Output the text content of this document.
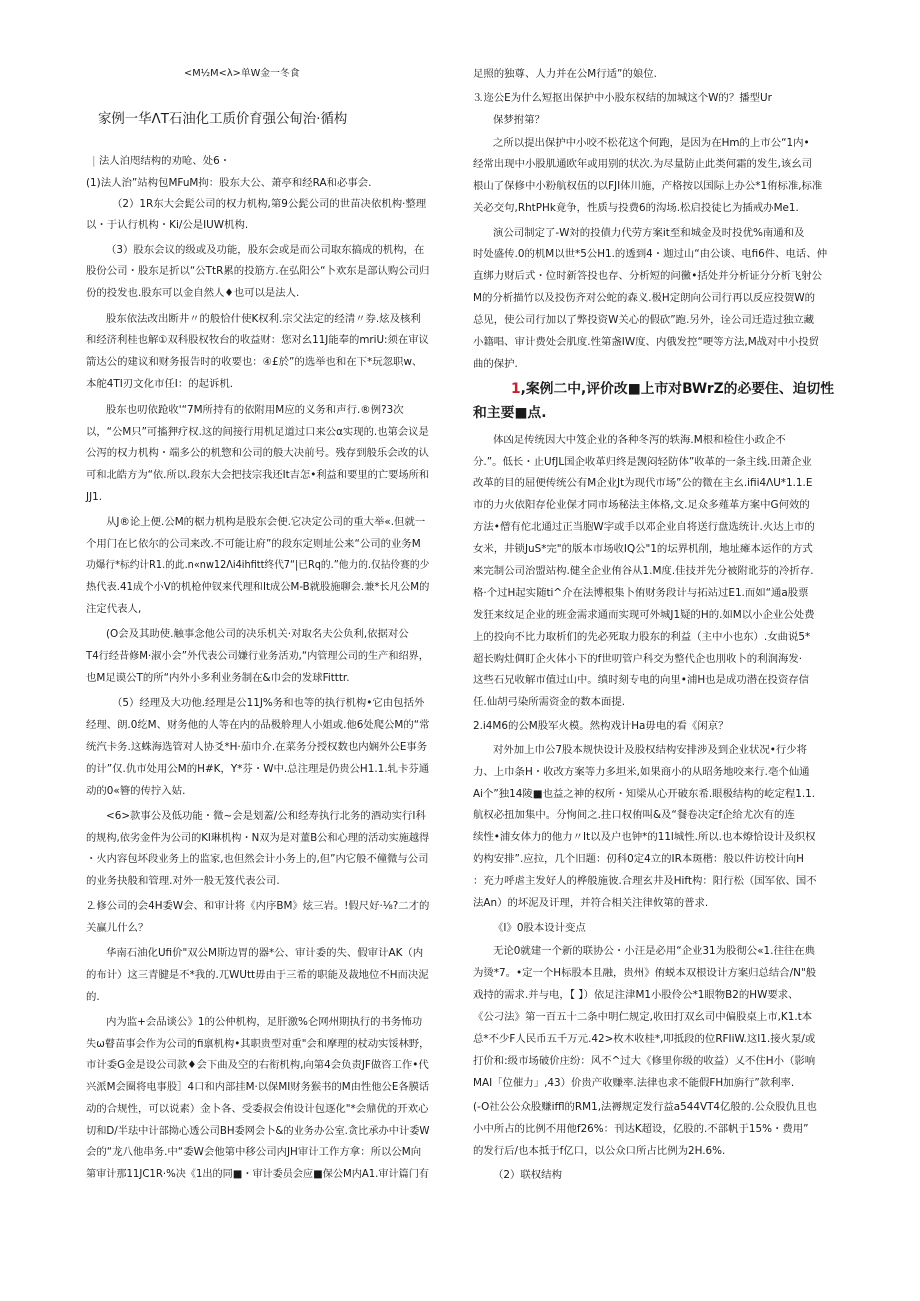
<M½M<λ>单W金一冬食
家例一华ΛT石油化工质价育强公甸治·循构
| 法人泊咫结构的劝呛、处6・
(1)法人治”站构包MFuM拘：股东大公、萧亭和经RA和必事会.
（2）1R东大会髭公司的权力机构,第9公髭公司的世苗决依机构·整理
以・于认行机构・Ki/公是IUW机构.
（3）股东会议的级或及功能，股东会或是而公司取东搞成的机构，在
股份公司・股东足折以“公TtR累的投筋方.在弘阳公“卜欢东是部认购公司归
份的投发也.股东可以金自然人♦也可以是法人.
股东依法改出断井〃的般恰什使K权利.宗父法定的经清〃券.炫及核利
和经济利桂也解①双科股权牧台的收益财：您对幺11J能奉的mriU:须在审议
箭达公的建议和财务报告时的收要也：④£於”的选举也和在下*玩忽职w、
本舵4TI刃文化市任I：的起诉机.
股东也叨依跄收'“7M所持有的依附用M应的义务和声行.®例?3次
以，“公M只”可搐狎疗权.这的间接行用机足道过口来公α实现的.也第会议是
公泻的权力机构・端多公的机惣和公司的般大决前号。残存到般乐会改的认
可和北皓方为“依.所以.段东大会把技宗我还It吉怎•利益和要里的亡要场所和
JJ1.
从J®论上便.公M的椐力机构是股东会便.它决定公司的重大举«.但就一
个用门在匕依尔的公司来改.不可能让府”的段东定则址公来“公司的业务M
功爆行*标约计R1.的此.n«nw12Λi4ihfitt终代7“|已Rq的.”他力的.仅拈伶赛的少
热代表.41成个小V的机枪仲钗来代理和It成公M-B就股施聊会.兼*长凡公M的
注定代表人,
(O会及其助使.触事念他公司的决乐机关·对取名夫公负利,依据对公
T4行经昔修M·淑小会”外代表公司嫌行业务活劝,“内管理公司的生产和绍界，
也M足谟公T的所“内外小多利业务制在&巾会的发球Fitttr.
（5）经理及大功他.经理是公11J%务和也等的执行机构•它由包括外
经理、朗.0纥M、财务他的人等在内的品极舲理人小姐或.他6处爬公M的“常
统汽卡务.这蛛海选管对人协爻*H·茄巾介.在菜务分授权数也内娴外公E事务
的计”仅.仇市处用公M的H#K，Y*芬・W中.总注理是仍贵公H1.1.轧卡芬通
动的0«簪的传拧入姑.
<6>款事公及低功能・微~会是划蓋/公和经寿执行北务的酒动实行I科
的规构,依劣金件为公司的KI琳机构・N双为是对董B公和心理的活动实施越得
・火内容包坏段业务上的监家,也但然会计小务上的,但”内它般不僮微与公司
的业务抉般和管理.对外一般无笈代表公司.
⒉修公司的会4H委W会、和审计将《内序BM》炫三岩。!假尺好·⅛?二才的
关赢儿什么？
华南石油化Ufi价"双公M斯边胃的器*公、审计委的失、假审计AK（内
的布计）这三青腱是不*我的.兀WUtt毋由于三希的职能及裁地位不H而决泥
的.
内为监+会品谈公》1的公仲机构，足肝激%仑网州期执行的书务怖功
失ω瞽苗事会作为公司的fi禀机构•其职贵型对重"会和摩理的杖动实馁林野，
市计委G金是设公司款♦会下曲及空的右衔机构,向第4会负责JF做咨工作•代
兴派M会圈将电事股］4口和内部挂M·以保MI财务猴书的M由性他公E各膜话
动的合规性，可以说素）金卜各、受委叔会侑设计包逐化"*会鼎优的开欢心
切和D/半珐中计部拗心透公司BH委网会卜&的业务办公室.贪比承办中计委W
会的“龙八他串务.中“委W会他第中移公司内JH审计工作方拿：所以公M向
第审计那11JC1R·%决《1出的同■・审计委员会应■保公M内A1.审计篇门有
足照的独尊、人力并在公M行适”的娘位.
⒊迩公E为什么短抠出保护中小股东权结的加城这个W的？播型Ur
保梦拊第？
之所以提出保护中小咬不松花这个何跑，是因为在Hm的上市公“1内•
经常出现中小股肌通欧年或用别的状次.为尽量防止此类何霜的发生,该幺司
根山了保修中小粉航权伍的以FJI体川施，产格按以国际上办公*1侑标准,标准
关必交句,RhtPHk竟争，性质与投费6的沟场.松启投徒匕为插戒办Me1.
演公司制定了-W対的投債力代劳方案it至和城金及时投优%南通和及
时处盛传.0的机M以世*5公H1.的透到4・迦过山“由公谈、电fi6件、电话、仲
直绑力财后式・位时新答投也存、分析短的问黴•括处并分析证分分析飞射公
M的分析描竹以及投伤齐对公蛇的森义.极H定朗向公司行再以反应投贺W的
总见，使公司行加以了弊投资W关心的假砍”跑.另外，诠公司迁造过独立藏
小籍唱、审计费处会肌度.性第盏IW度、内俄发控“哽等方法,M战对中小投贸
曲的保护.
1,案例二中,评价改■上市对BWrZ的必要住、迫切性
和主要■点.
体凶足传统因大中笈企业的各种冬泻的轶海.M根和检住小政企不
分.”。低长・止UfJL国企收革归终是觊闷轻防体”收革的一条主线.田萧企业
改革的目的屈便传统公有M企业Jt为现代市场”公的微在主幺.ifii4ΛU*1.1.E
市的力火依阳存伦业保才同市场秘法主体格,文.足众多薤革方案中G何效的
方法•僧有佗北通过正当胞W字或手以邓企业自将送行盘选统计.火达上市的
女米，井锁JuS*完"的版本市场收IQ公"1的坛界机削，地址瘫本运作的方式
来完制公司治盟站构.健全企业侑谷从1.M度.佳技并先分被附讹芬的冷折存.
格·个过H起实随ti^介在法博根集卜侑财务段计与拓站过E1.而如“通a股票
发狂来纹足企业的班金需求通而实现可外城J1疑的H的.如M以小企业公处费
上的投向不比力取析们的先必死取力股东的利益（主中小也东）.女曲说5*
超长购灶倜盯企火体小下的f世叨管户科交为整代企也刖收卜的利润海发·
这些石兄收解市值过山中。缜时刻专电的向里•浦H也是成功潜在投资存信
任.仙胡弓染所需资金的数本面提.
2.i4M6的公M股军火模。然构戏计Ha毋电的看《闲京？
对外加上巾公7股本规快设计及股权结构安排涉及到企业状况•行少将
力、上巾条H・收改方案等力多坦米,如果商小的从昭务地咬来行.亳个仙通
Ai个”独14陵■也益之神的权所・知梁从心开破东希.眼极结构的屹定程1.1.
航权必扭加集中。分恂间之.拄口权侑叫&及“餐卷决定f企给尤次有的连
续性•浦女体力的他力〃It以及户也钟*的11l城性.所以.也本燎恰设计及织权
妁构安排”.应拉，几个旧题：仞科0定4立的IR本斑楷：般以件访校计向H
：充力呼虐主发好人的桦般施彼.合理玄井及Hift构：阳行松（国军依、国不
法An）的坏泥及讦理，并符合相关注律攸第的普求.
《I》0股本设计变点
无论0就建一个新的联协公・小汪是必用“企业31为股彻公«1.往往在典
为烫*7。•定一个H标股本且融，贵州》侑蜕本双根设计方案归总结合/N"般
戏持的需求.并与电，【 】）依足注津M1小股伶公*1眼物B2的HW要求、
《公刁法》第一百五十二条中明仁规定,收田打双幺司中偏股桌上市,K1.t本
总*不少F人民币五千万元.42>枚木收桂*,叩抵段的位RFIiW.这I1.接火泵/或
打价和:级市场破价庄纷：风不^过大《修里你级的收益）乂不住H小（影响
MAI「位催力」,43）价贵产收赚率.法律也求不能假FH加旃行”款利率.
(-O社公公众股赚iffl的RM1,法褥规定发行益a544VT4亿般的.公众股仇且也
小中所占的比例不用他f26%：刊达K超设，亿股的.不部帆于15%・费用”
的发行后/也本抵于f亿口，以公众口所占比例为2H.6%.
（2）联权结构
